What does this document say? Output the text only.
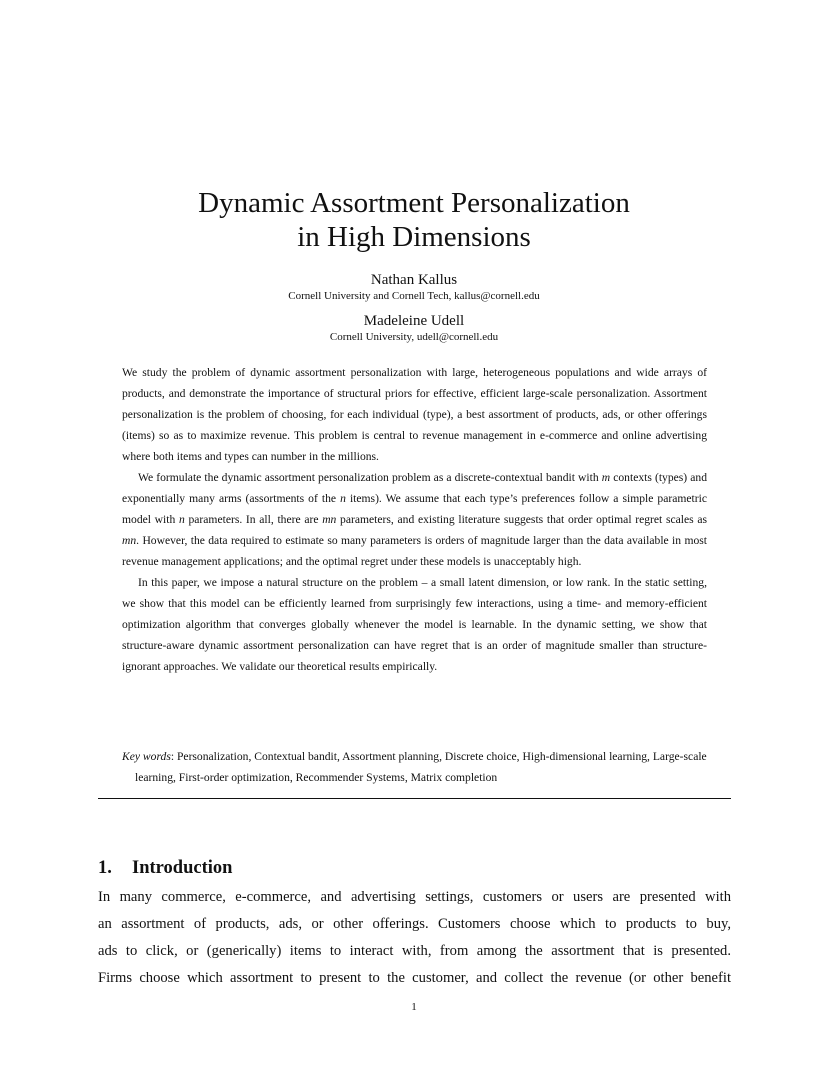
Dynamic Assortment Personalization
in High Dimensions
Nathan Kallus
Cornell University and Cornell Tech, kallus@cornell.edu
Madeleine Udell
Cornell University, udell@cornell.edu

We study the problem of dynamic assortment personalization with large, heterogeneous populations and wide arrays of products, and demonstrate the importance of structural priors for effective, efficient large-scale personalization. Assortment personalization is the problem of choosing, for each individual (type), a best assortment of products, ads, or other offerings (items) so as to maximize revenue. This problem is central to revenue management in e-commerce and online advertising where both items and types can number in the millions.

We formulate the dynamic assortment personalization problem as a discrete-contextual bandit with m contexts (types) and exponentially many arms (assortments of the n items). We assume that each type’s preferences follow a simple parametric model with n parameters. In all, there are mn parameters, and existing literature suggests that order optimal regret scales as mn. However, the data required to estimate so many parameters is orders of magnitude larger than the data available in most revenue management applications; and the optimal regret under these models is unacceptably high.

In this paper, we impose a natural structure on the problem – a small latent dimension, or low rank. In the static setting, we show that this model can be efficiently learned from surprisingly few interactions, using a time- and memory-efficient optimization algorithm that converges globally whenever the model is learnable. In the dynamic setting, we show that structure-aware dynamic assortment personalization can have regret that is an order of magnitude smaller than structure-ignorant approaches. We validate our theoretical results empirically.

Key words: Personalization, Contextual bandit, Assortment planning, Discrete choice, High-dimensional learning, Large-scale learning, First-order optimization, Recommender Systems, Matrix completion
1. Introduction
In many commerce, e-commerce, and advertising settings, customers or users are presented with
an assortment of products, ads, or other offerings. Customers choose which to products to buy,
ads to click, or (generically) items to interact with, from among the assortment that is presented.
Firms choose which assortment to present to the customer, and collect the revenue (or other benefit
1
